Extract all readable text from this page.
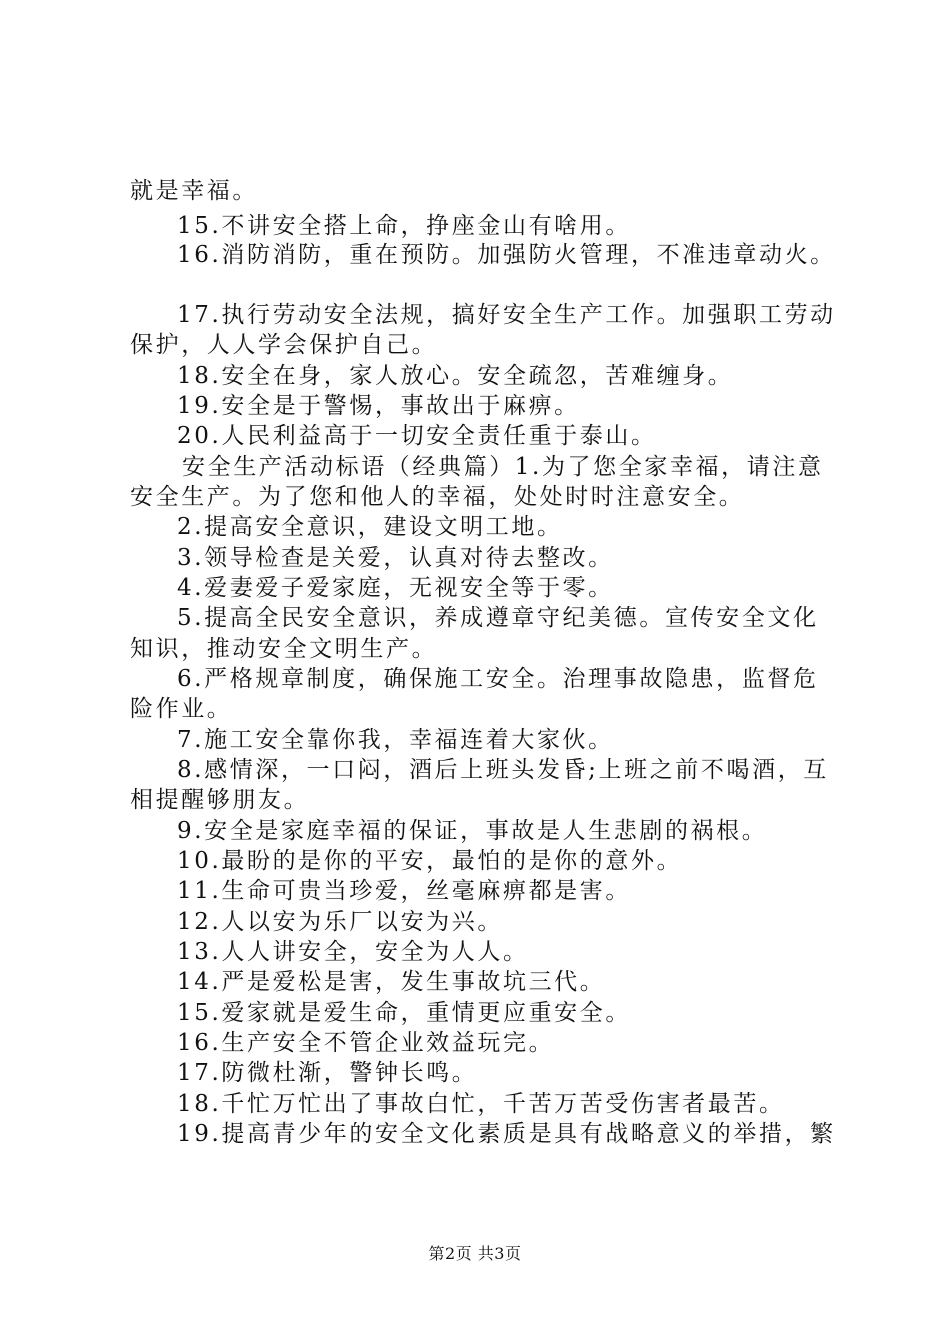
就是幸福。
15.不讲安全搭上命，挣座金山有啥用。
16.消防消防，重在预防。加强防火管理，不准违章动火。
17.执行劳动安全法规，搞好安全生产工作。加强职工劳动
保护，人人学会保护自己。
18.安全在身，家人放心。安全疏忽，苦难缠身。
19.安全是于警惕，事故出于麻痹。
20.人民利益高于一切安全责任重于泰山。
安全生产活动标语（经典篇）1.为了您全家幸福，请注意
安全生产。为了您和他人的幸福，处处时时注意安全。
2.提高安全意识，建设文明工地。
3.领导检查是关爱，认真对待去整改。
4.爱妻爱子爱家庭，无视安全等于零。
5.提高全民安全意识，养成遵章守纪美德。宣传安全文化
知识，推动安全文明生产。
6.严格规章制度，确保施工安全。治理事故隐患，监督危
险作业。
7.施工安全靠你我，幸福连着大家伙。
8.感情深，一口闷，酒后上班头发昏;上班之前不喝酒，互
相提醒够朋友。
9.安全是家庭幸福的保证，事故是人生悲剧的祸根。
10.最盼的是你的平安，最怕的是你的意外。
11.生命可贵当珍爱，丝毫麻痹都是害。
12.人以安为乐厂以安为兴。
13.人人讲安全，安全为人人。
14.严是爱松是害，发生事故坑三代。
15.爱家就是爱生命，重情更应重安全。
16.生产安全不管企业效益玩完。
17.防微杜渐，警钟长鸣。
18.千忙万忙出了事故白忙，千苦万苦受伤害者最苦。
19.提高青少年的安全文化素质是具有战略意义的举措，繁
第2页 共3页
